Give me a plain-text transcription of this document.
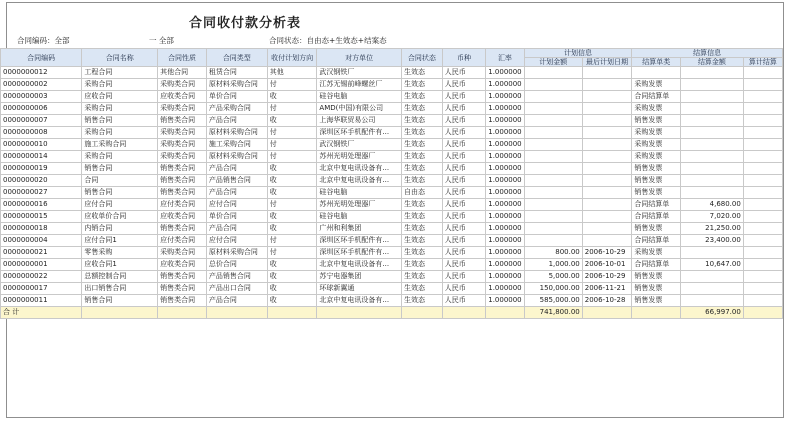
合同收付款分析表
合同编码：全部	一 全部	合同状态：自由态+生效态+结案态
合同编码	合同名称	合同性质	合同类型	收付计划方向	对方单位	合同状态	币种	汇率	计划信息		结算信息		
									计划金额	最后计划日期	结算单类	结算金额	算计结算
0000000012	工程合同	其他合同	租赁合同	其他	武汉钢铁厂	生效态	人民币	1.000000					
0000000002	采购合同	采购类合同	原材料采购合同	付	江苏无锡前峰螺丝厂	生效态	人民币	1.000000			采购发票		
0000000003	应收合同	应收类合同	单价合同	收	硅谷电脑	生效态	人民币	1.000000			合同结算单		
0000000006	采购合同	采购类合同	产品采购合同	付	AMD(中国)有限公司	生效态	人民币	1.000000			采购发票		
0000000007	销售合同	销售类合同	产品合同	收	上海华联贸易公司	生效态	人民币	1.000000			销售发票		
0000000008	采购合同	采购类合同	原材料采购合同	付	深圳区环手机配件有...	生效态	人民币	1.000000			采购发票		
0000000010	施工采购合同	采购类合同	施工采购合同	付	武汉钢铁厂	生效态	人民币	1.000000			采购发票		
0000000014	采购合同	采购类合同	原材料采购合同	付	苏州光明处理器厂	生效态	人民币	1.000000			采购发票		
0000000019	销售合同	销售类合同	产品合同	收	北京中复电讯设备有...	生效态	人民币	1.000000			销售发票		
0000000020	合同	销售类合同	产品销售合同	收	北京中复电讯设备有...	生效态	人民币	1.000000			销售发票		
0000000027	销售合同	销售类合同	产品合同	收	硅谷电脑	自由态	人民币	1.000000			销售发票		
0000000016	应付合同	应付类合同	应付合同	付	苏州光明处理器厂	生效态	人民币	1.000000			合同结算单	4,680.00	
0000000015	应收单价合同	应收类合同	单价合同	收	硅谷电脑	生效态	人民币	1.000000			合同结算单	7,020.00	
0000000018	内销合同	销售类合同	产品合同	收	广州和利集团	生效态	人民币	1.000000			销售发票	21,250.00	
0000000004	应付合同1	应付类合同	应付合同	付	深圳区环手机配件有...	生效态	人民币	1.000000			合同结算单	23,400.00	
0000000021	零售采购	采购类合同	原材料采购合同	付	深圳区环手机配件有...	生效态	人民币	1.000000	800.00	2006-10-29	采购发票		
0000000001	应收合同1	应收类合同	总价合同	收	北京中复电讯设备有...	生效态	人民币	1.000000	1,000.00	2006-10-01	合同结算单	10,647.00	
0000000022	总额控制合同	销售类合同	产品销售合同	收	苏宁电器集团	生效态	人民币	1.000000	5,000.00	2006-10-29	销售发票		
0000000017	出口销售合同	销售类合同	产品出口合同	收	环球新翼通	生效态	人民币	1.000000	150,000.00	2006-11-21	销售发票		
0000000011	销售合同	销售类合同	产品合同	收	北京中复电讯设备有...	生效态	人民币	1.000000	585,000.00	2006-10-28	销售发票		
合 计									741,800.00			66,997.00	
